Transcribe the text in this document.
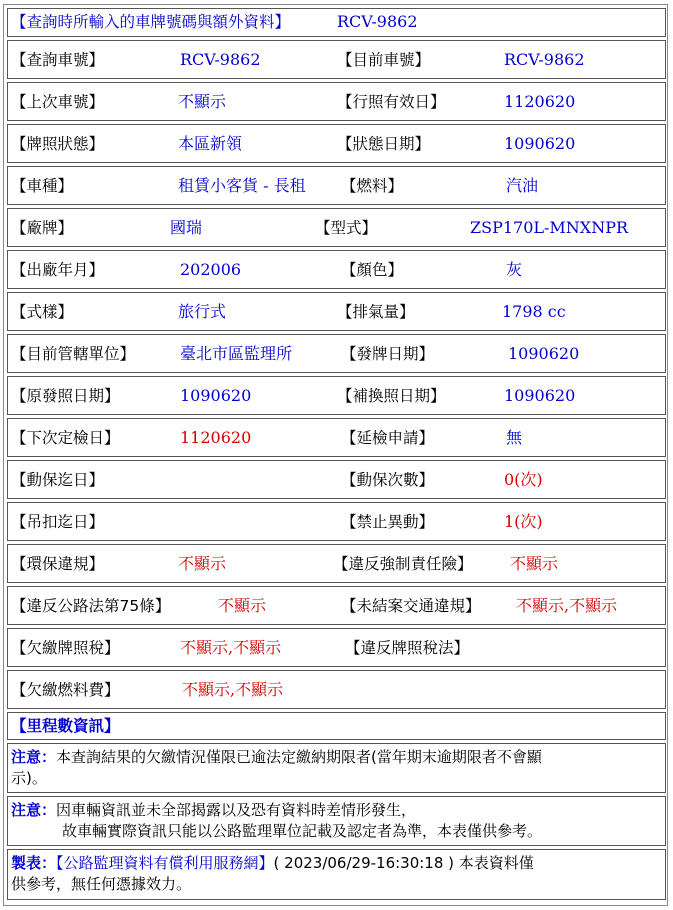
【查詢時所輸入的車牌號碼與額外資料】	RCV-9862
【查詢車號】	RCV-9862	【目前車號】	RCV-9862
【上次車號】	不顯示	【行照有效日】	1120620
【牌照狀態】	本區新領	【狀態日期】	1090620
【車種】	租賃小客貨 - 長租 【燃料】	汽油
【廠牌】	國瑞	【型式】	ZSP170L-MNXNPR
【出廠年月】	202006	【顏色】	灰
【式樣】	旅行式	【排氣量】	1798 cc
【目前管轄單位】	臺北市區監理所	【發牌日期】	1090620
【原發照日期】	1090620	【補換照日期】	1090620
【下次定檢日】	1120620	【延檢申請】	無
【動保迄日】	【動保次數】	0(次)
【吊扣迄日】	【禁止異動】	1(次)
【環保違規】	不顯示	【違反強制責任險】 不顯示
【違反公路法第75條】	不顯示	【未結案交通違規】 不顯示,不顯示
【欠繳牌照稅】	不顯示,不顯示	【違反牌照稅法】
【欠繳燃料費】	不顯示,不顯示
【里程數資訊】
注意：本查詢結果的欠繳情況僅限已逾法定繳納期限者(當年期末逾期限者不會顯
示)。
注意：因車輛資訊並未全部揭露以及恐有資料時差情形發生，
故車輛實際資訊只能以公路監理單位記載及認定者為準，本表僅供參考。
製表：【公路監理資料有償利用服務網】( 2023/06/29-16:30:18 ) 本表資料僅
供參考，無任何憑據效力。
